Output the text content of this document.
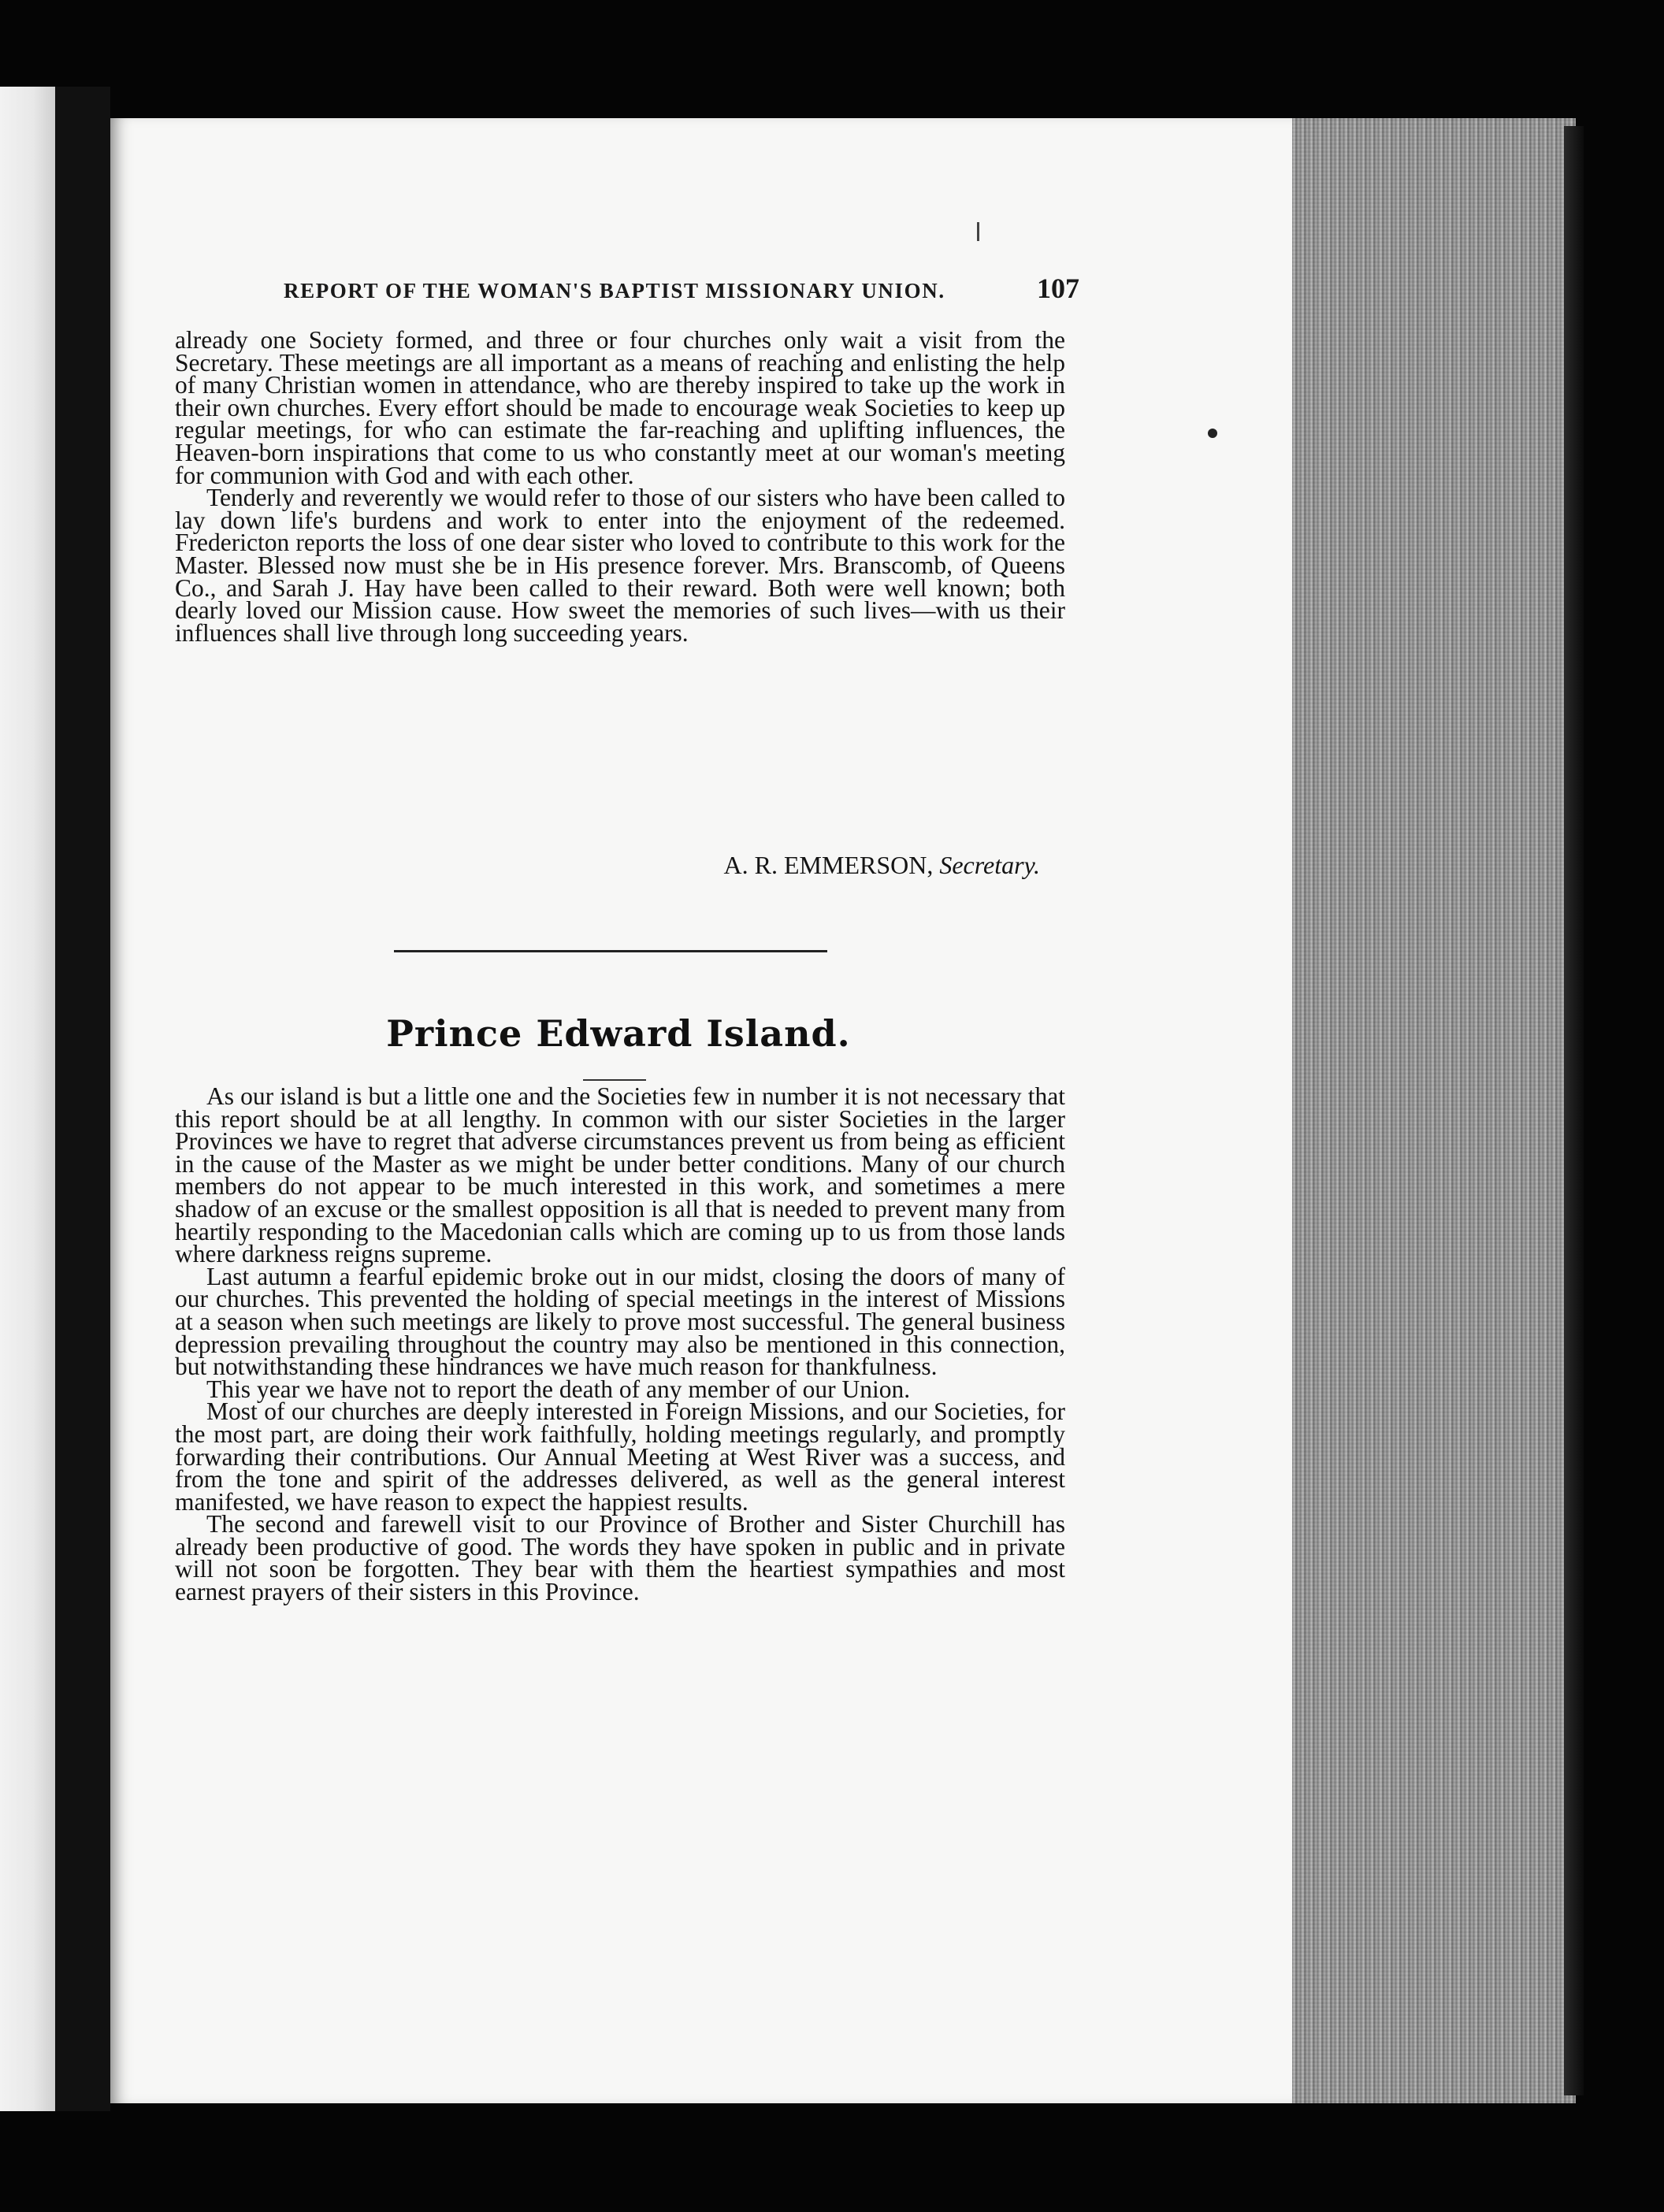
REPORT OF THE WOMAN'S BAPTIST MISSIONARY UNION.	107

already one Society formed, and three or four churches only wait a visit from the Secretary. These meetings are all important as a means of reaching and enlisting the help of many Christian women in attendance, who are thereby inspired to take up the work in their own churches. Every effort should be made to encourage weak Societies to keep up regular meetings, for who can estimate the far-reaching and uplifting influences, the Heaven-born inspirations that come to us who constantly meet at our woman's meeting for communion with God and with each other.

Tenderly and reverently we would refer to those of our sisters who have been called to lay down life's burdens and work to enter into the enjoyment of the redeemed. Fredericton reports the loss of one dear sister who loved to contribute to this work for the Master. Blessed now must she be in His presence forever. Mrs. Branscomb, of Queens Co., and Sarah J. Hay have been called to their reward. Both were well known; both dearly loved our Mission cause. How sweet the memories of such lives—with us their influences shall live through long succeeding years.

A. R. EMMERSON, Secretary.
Prince Edward Island.

As our island is but a little one and the Societies few in number it is not necessary that this report should be at all lengthy. In common with our sister Societies in the larger Provinces we have to regret that adverse circumstances prevent us from being as efficient in the cause of the Master as we might be under better conditions. Many of our church members do not appear to be much interested in this work, and sometimes a mere shadow of an excuse or the smallest opposition is all that is needed to prevent many from heartily responding to the Macedonian calls which are coming up to us from those lands where darkness reigns supreme.

Last autumn a fearful epidemic broke out in our midst, closing the doors of many of our churches. This prevented the holding of special meetings in the interest of Missions at a season when such meetings are likely to prove most successful. The general business depression prevailing throughout the country may also be mentioned in this connection, but notwithstanding these hindrances we have much reason for thankfulness.

This year we have not to report the death of any member of our Union.

Most of our churches are deeply interested in Foreign Missions, and our Societies, for the most part, are doing their work faithfully, holding meetings regularly, and promptly forwarding their contributions. Our Annual Meeting at West River was a success, and from the tone and spirit of the addresses delivered, as well as the general interest manifested, we have reason to expect the happiest results.

The second and farewell visit to our Province of Brother and Sister Churchill has already been productive of good. The words they have spoken in public and in private will not soon be forgotten. They bear with them the heartiest sympathies and most earnest prayers of their sisters in this Province.
